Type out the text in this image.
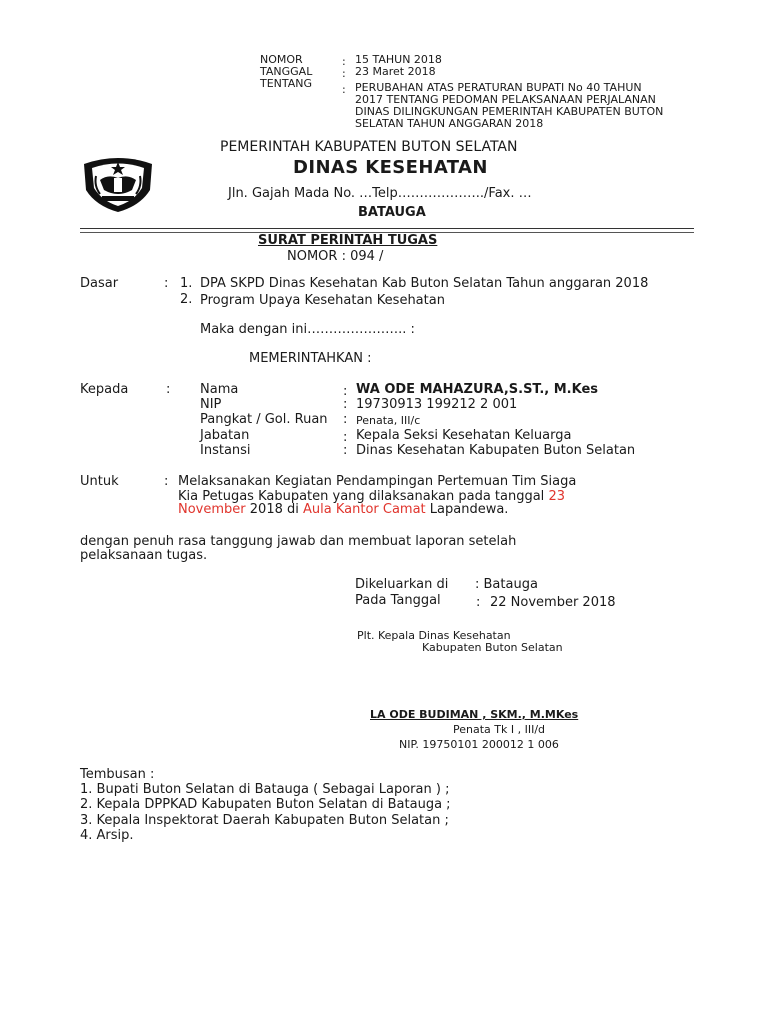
NOMOR	: 15 TAHUN 2018
TANGGAL	: 23 Maret 2018
TENTANG	: PERUBAHAN ATAS PERATURAN BUPATI No 40 TAHUN
2017 TENTANG PEDOMAN PELAKSANAAN PERJALANAN
DINAS DILINGKUNGAN PEMERINTAH KABUPATEN BUTON
SELATAN TAHUN ANGGARAN 2018
PEMERINTAH KABUPATEN BUTON SELATAN
DINAS KESEHATAN
Jln. Gajah Mada No. …Telp………………../Fax. …
BATAUGA
SURAT PERINTAH TUGAS
NOMOR : 094 /
Dasar	: 1. DPA SKPD Dinas Kesehatan Kab Buton Selatan Tahun anggaran 2018
2. Program Upaya Kesehatan Kesehatan
Maka dengan ini………………….. :
MEMERINTAHKAN :
Kepada	: Nama	: WA ODE MAHAZURA,S.ST., M.Kes
NIP	: 19730913 199212 2 001
Pangkat / Gol. Ruan : Penata, III/c
Jabatan	: Kepala Seksi Kesehatan Keluarga
Instansi	: Dinas Kesehatan Kabupaten Buton Selatan
Untuk	: Melaksanakan Kegiatan Pendampingan Pertemuan Tim Siaga
Kia Petugas Kabupaten yang dilaksanakan pada tanggal 23
November 2018 di Aula Kantor Camat Lapandewa.
dengan penuh rasa tanggung jawab dan membuat laporan setelah
pelaksanaan tugas.
Dikeluarkan di : Batauga
Pada Tanggal	: 22 November 2018
Plt. Kepala Dinas Kesehatan
Kabupaten Buton Selatan
LA ODE BUDIMAN , SKM., M.MKes
Penata Tk I , III/d
NIP. 19750101 200012 1 006
Tembusan :
1. Bupati Buton Selatan di Batauga ( Sebagai Laporan ) ;
2. Kepala DPPKAD Kabupaten Buton Selatan di Batauga ;
3. Kepala Inspektorat Daerah Kabupaten Buton Selatan ;
4. Arsip.
